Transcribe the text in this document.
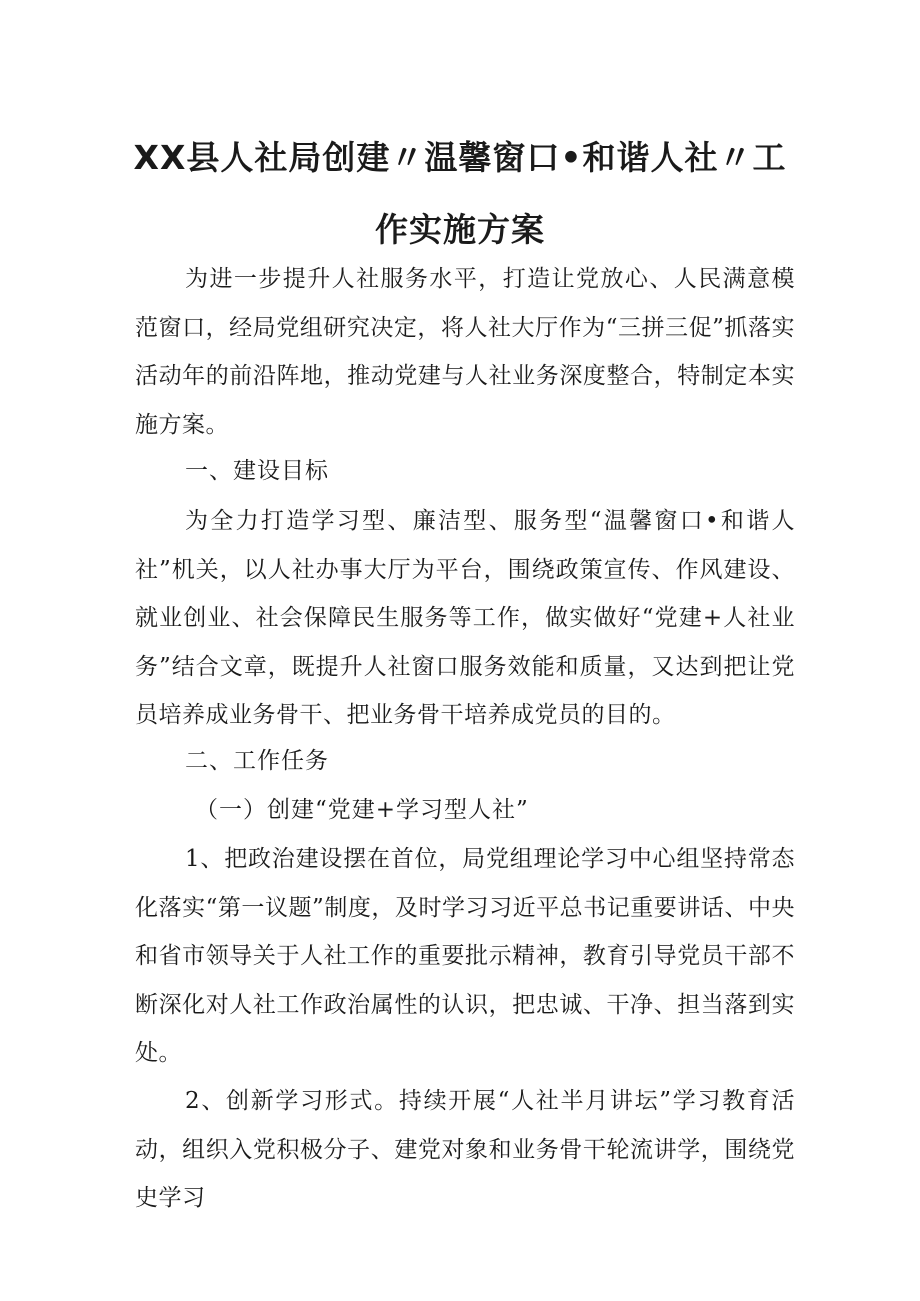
XX县人社局创建〃温馨窗口•和谐人社〃工
作实施方案

为进一步提升人社服务水平，打造让党放心、人民满意模范窗口，经局党组研究决定，将人社大厅作为“三拼三促”抓落实活动年的前沿阵地，推动党建与人社业务深度整合，特制定本实施方案。

一、建设目标

为全力打造学习型、廉洁型、服务型“温馨窗口•和谐人社”机关，以人社办事大厅为平台，围绕政策宣传、作风建设、就业创业、社会保障民生服务等工作，做实做好“党建+人社业务”结合文章，既提升人社窗口服务效能和质量，又达到把让党员培养成业务骨干、把业务骨干培养成党员的目的。

二、工作任务

（一）创建“党建+学习型人社”

1、把政治建设摆在首位，局党组理论学习中心组坚持常态化落实“第一议题”制度，及时学习习近平总书记重要讲话、中央和省市领导关于人社工作的重要批示精神，教育引导党员干部不断深化对人社工作政治属性的认识，把忠诚、干净、担当落到实处。

2、创新学习形式。持续开展“人社半月讲坛”学习教育活动，组织入党积极分子、建党对象和业务骨干轮流讲学，围绕党史学习
